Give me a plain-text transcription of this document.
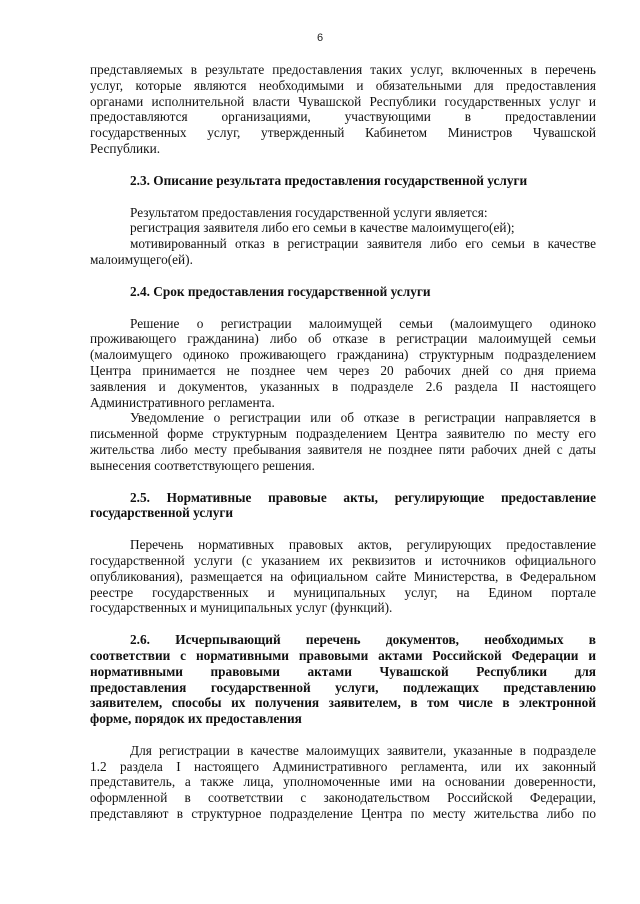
6

представляемых в результате предоставления таких услуг, включенных в перечень

услуг, которые являются необходимыми и обязательными для предоставления

органами исполнительной власти Чувашской Республики государственных услуг и

предоставляются организациями, участвующими в предоставлении

государственных услуг, утвержденный Кабинетом Министров Чувашской

Республики.

2.3. Описание результата предоставления государственной услуги

Результатом предоставления государственной услуги является:

регистрация заявителя либо его семьи в качестве малоимущего(ей);

мотивированный отказ в регистрации заявителя либо его семьи в качестве

малоимущего(ей).

2.4. Срок предоставления государственной услуги

Решение о регистрации малоимущей семьи (малоимущего одиноко

проживающего гражданина) либо об отказе в регистрации малоимущей семьи

(малоимущего одиноко проживающего гражданина) структурным подразделением

Центра принимается не позднее чем через 20 рабочих дней со дня приема

заявления и документов, указанных в подразделе 2.6 раздела II настоящего

Административного регламента.

Уведомление о регистрации или об отказе в регистрации направляется в

письменной форме структурным подразделением Центра заявителю по месту его

жительства либо месту пребывания заявителя не позднее пяти рабочих дней с даты

вынесения соответствующего решения.

2.5. Нормативные правовые акты, регулирующие предоставление

государственной услуги

Перечень нормативных правовых актов, регулирующих предоставление

государственной услуги (с указанием их реквизитов и источников официального

опубликования), размещается на официальном сайте Министерства, в Федеральном

реестре государственных и муниципальных услуг, на Едином портале

государственных и муниципальных услуг (функций).

2.6. Исчерпывающий перечень документов, необходимых в

соответствии с нормативными правовыми актами Российской Федерации и

нормативными правовыми актами Чувашской Республики для

предоставления государственной услуги, подлежащих представлению

заявителем, способы их получения заявителем, в том числе в электронной

форме, порядок их предоставления

Для регистрации в качестве малоимущих заявители, указанные в подразделе

1.2 раздела I настоящего Административного регламента, или их законный

представитель, а также лица, уполномоченные ими на основании доверенности,

оформленной в соответствии с законодательством Российской Федерации,

представляют в структурное подразделение Центра по месту жительства либо по
